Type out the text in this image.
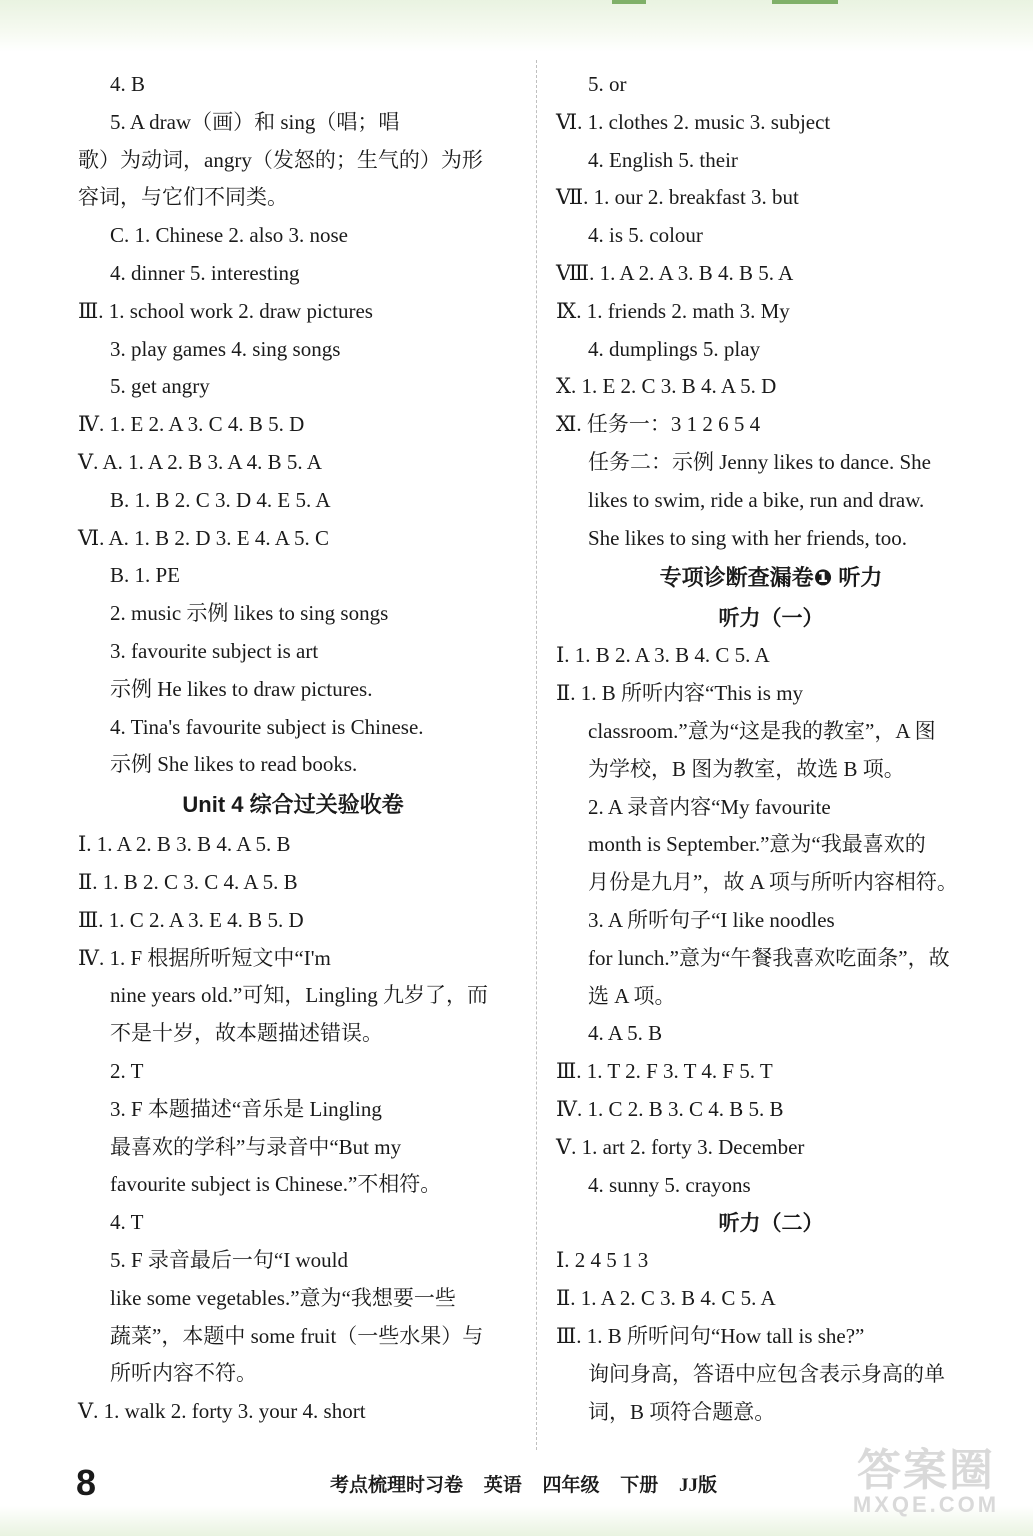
4. B
5. A draw（画）和 sing（唱；唱
歌）为动词，angry（发怒的；生气的）为形
容词，与它们不同类。
C. 1. Chinese 2. also 3. nose
4. dinner 5. interesting
Ⅲ. 1. school work 2. draw pictures
3. play games 4. sing songs
5. get angry
Ⅳ. 1. E 2. A 3. C 4. B 5. D
Ⅴ. A. 1. A 2. B 3. A 4. B 5. A
B. 1. B 2. C 3. D 4. E 5. A
Ⅵ. A. 1. B 2. D 3. E 4. A 5. C
B. 1. PE
2. music 示例 likes to sing songs
3. favourite subject is art
示例 He likes to draw pictures.
4. Tina's favourite subject is Chinese.
示例 She likes to read books.
Unit 4 综合过关验收卷
Ⅰ. 1. A 2. B 3. B 4. A 5. B
Ⅱ. 1. B 2. C 3. C 4. A 5. B
Ⅲ. 1. C 2. A 3. E 4. B 5. D
Ⅳ. 1. F 根据所听短文中“I'm
nine years old.”可知，Lingling 九岁了，而
不是十岁，故本题描述错误。
2. T
3. F 本题描述“音乐是 Lingling
最喜欢的学科”与录音中“But my
favourite subject is Chinese.”不相符。
4. T
5. F 录音最后一句“I would
like some vegetables.”意为“我想要一些
蔬菜”，本题中 some fruit（一些水果）与
所听内容不符。
Ⅴ. 1. walk 2. forty 3. your 4. short
5. or
Ⅵ. 1. clothes 2. music 3. subject
4. English 5. their
Ⅶ. 1. our 2. breakfast 3. but
4. is 5. colour
Ⅷ. 1. A 2. A 3. B 4. B 5. A
Ⅸ. 1. friends 2. math 3. My
4. dumplings 5. play
Ⅹ. 1. E 2. C 3. B 4. A 5. D
Ⅺ. 任务一：3 1 2 6 5 4
任务二：示例 Jenny likes to dance. She
likes to swim, ride a bike, run and draw.
She likes to sing with her friends, too.
专项诊断查漏卷❶ 听力
听力（一）
Ⅰ. 1. B 2. A 3. B 4. C 5. A
Ⅱ. 1. B 所听内容“This is my
classroom.”意为“这是我的教室”，A 图
为学校，B 图为教室，故选 B 项。
2. A 录音内容“My favourite
month is September.”意为“我最喜欢的
月份是九月”，故 A 项与所听内容相符。
3. A 所听句子“I like noodles
for lunch.”意为“午餐我喜欢吃面条”，故
选 A 项。
4. A 5. B
Ⅲ. 1. T 2. F 3. T 4. F 5. T
Ⅳ. 1. C 2. B 3. C 4. B 5. B
Ⅴ. 1. art 2. forty 3. December
4. sunny 5. crayons
听力（二）
Ⅰ. 2 4 5 1 3
Ⅱ. 1. A 2. C 3. B 4. C 5. A
Ⅲ. 1. B 所听问句“How tall is she?”
询问身高，答语中应包含表示身高的单
词，B 项符合题意。
8	考点梳理时习卷 英语 四年级 下册 JJ版	答案圈
MXQE.COM
